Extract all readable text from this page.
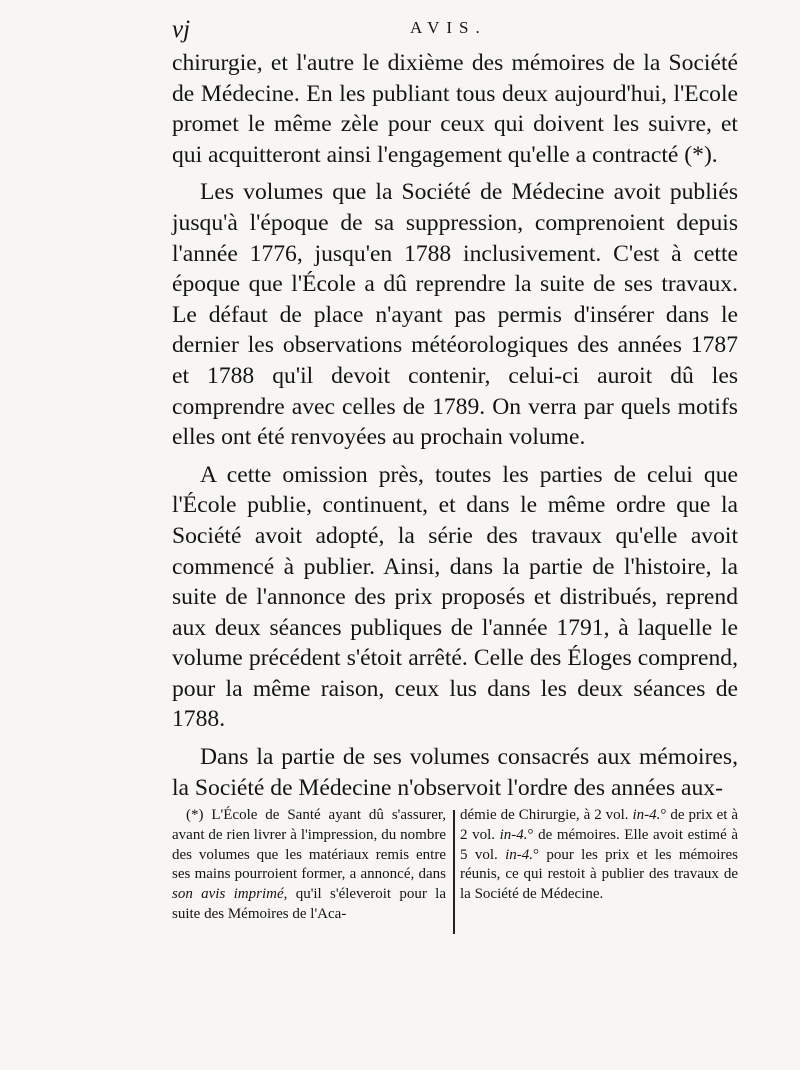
vj	AVIS.

chirurgie, et l'autre le dixième des mémoires de la Société de Médecine. En les publiant tous deux aujourd'hui, l'Ecole promet le même zèle pour ceux qui doivent les suivre, et qui acquitteront ainsi l'engagement qu'elle a contracté (*).

Les volumes que la Société de Médecine avoit publiés jusqu'à l'époque de sa suppression, comprenoient depuis l'année 1776, jusqu'en 1788 inclusivement. C'est à cette époque que l'École a dû reprendre la suite de ses travaux. Le défaut de place n'ayant pas permis d'insérer dans le dernier les observations météorologiques des années 1787 et 1788 qu'il devoit contenir, celui-ci auroit dû les comprendre avec celles de 1789. On verra par quels motifs elles ont été renvoyées au prochain volume.

A cette omission près, toutes les parties de celui que l'École publie, continuent, et dans le même ordre que la Société avoit adopté, la série des travaux qu'elle avoit commencé à publier. Ainsi, dans la partie de l'histoire, la suite de l'annonce des prix proposés et distribués, reprend aux deux séances publiques de l'année 1791, à laquelle le volume précédent s'étoit arrêté. Celle des Éloges comprend, pour la même raison, ceux lus dans les deux séances de 1788.

Dans la partie de ses volumes consacrés aux mémoires, la Société de Médecine n'observoit l'ordre des années aux-

(*) L'École de Santé ayant dû s'assurer, avant de rien livrer à l'impression, du nombre des volumes que les matériaux remis entre ses mains pourroient former, a annoncé, dans son avis imprimé, qu'il s'éleveroit pour la suite des Mémoires de l'Aca-
démie de Chirurgie, à 2 vol. in-4.° de prix et à 2 vol. in-4.° de mémoires. Elle avoit estimé à 5 vol. in-4.° pour les prix et les mémoires réunis, ce qui restoit à publier des travaux de la Société de Médecine.
